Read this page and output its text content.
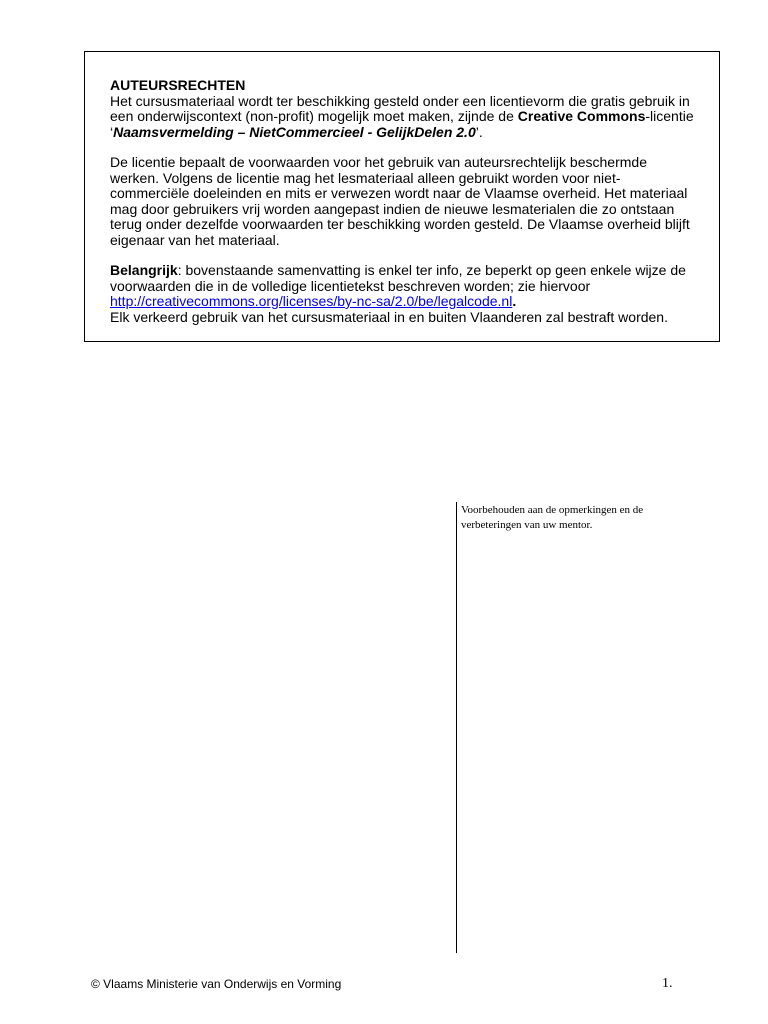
AUTEURSRECHTEN

Het cursusmateriaal wordt ter beschikking gesteld onder een licentievorm die gratis gebruik in een onderwijscontext (non-profit) mogelijk moet maken, zijnde de Creative Commons-licentie ‘Naamsvermelding – NietCommercieel - GelijkDelen 2.0’.

De licentie bepaalt de voorwaarden voor het gebruik van auteursrechtelijk beschermde werken. Volgens de licentie mag het lesmateriaal alleen gebruikt worden voor niet-commerciële doeleinden en mits er verwezen wordt naar de Vlaamse overheid. Het materiaal mag door gebruikers vrij worden aangepast indien de nieuwe lesmaterialen die zo ontstaan terug onder dezelfde voorwaarden ter beschikking worden gesteld. De Vlaamse overheid blijft eigenaar van het materiaal.

Belangrijk: bovenstaande samenvatting is enkel ter info, ze beperkt op geen enkele wijze de voorwaarden die in de volledige licentietekst beschreven worden; zie hiervoor http://creativecommons.org/licenses/by-nc-sa/2.0/be/legalcode.nl.
Elk verkeerd gebruik van het cursusmateriaal in en buiten Vlaanderen zal bestraft worden.

Voorbehouden aan de opmerkingen en de verbeteringen van uw mentor.
© Vlaams Ministerie van Onderwijs en Vorming	1.
